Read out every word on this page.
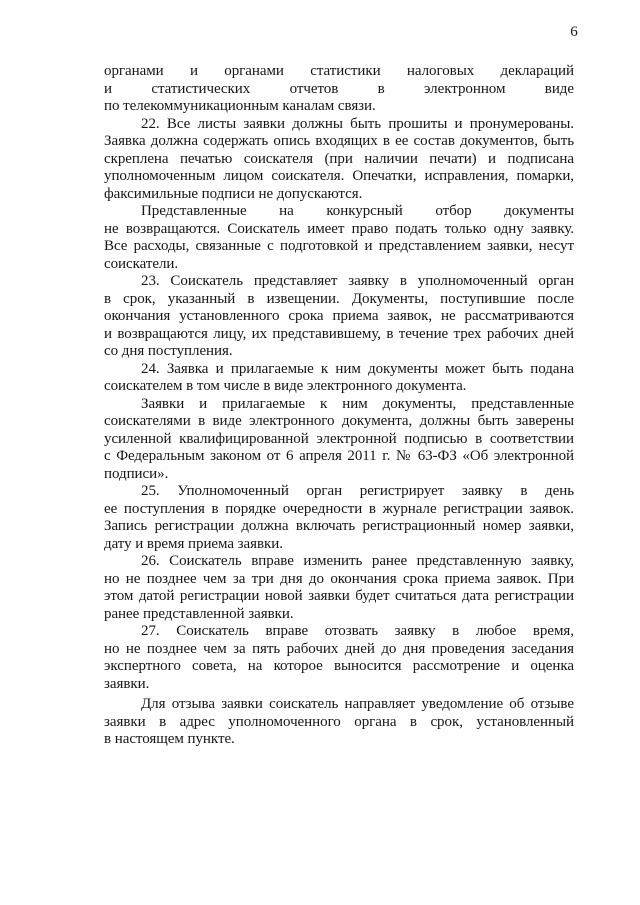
6
органами и органами статистики налоговых деклараций
и статистических отчетов в электронном виде
по телекоммуникационным каналам связи.
22. Все листы заявки должны быть прошиты и пронумерованы.
Заявка должна содержать опись входящих в ее состав документов, быть
скреплена печатью соискателя (при наличии печати) и подписана
уполномоченным лицом соискателя. Опечатки, исправления, помарки,
факсимильные подписи не допускаются.
Представленные на конкурсный отбор документы
не возвращаются. Соискатель имеет право подать только одну заявку.
Все расходы, связанные с подготовкой и представлением заявки, несут
соискатели.
23. Соискатель представляет заявку в уполномоченный орган
в срок, указанный в извещении. Документы, поступившие после
окончания установленного срока приема заявок, не рассматриваются
и возвращаются лицу, их представившему, в течение трех рабочих дней
со дня поступления.
24. Заявка и прилагаемые к ним документы может быть подана
соискателем в том числе в виде электронного документа.
Заявки и прилагаемые к ним документы, представленные
соискателями в виде электронного документа, должны быть заверены
усиленной квалифицированной электронной подписью в соответствии
с Федеральным законом от 6 апреля 2011 г. № 63-ФЗ «Об электронной
подписи».
25. Уполномоченный орган регистрирует заявку в день
ее поступления в порядке очередности в журнале регистрации заявок.
Запись регистрации должна включать регистрационный номер заявки,
дату и время приема заявки.
26. Соискатель вправе изменить ранее представленную заявку,
но не позднее чем за три дня до окончания срока приема заявок. При
этом датой регистрации новой заявки будет считаться дата регистрации
ранее представленной заявки.
27. Соискатель вправе отозвать заявку в любое время,
но не позднее чем за пять рабочих дней до дня проведения заседания
экспертного совета, на которое выносится рассмотрение и оценка
заявки.
Для отзыва заявки соискатель направляет уведомление об отзыве
заявки в адрес уполномоченного органа в срок, установленный
в настоящем пункте.
